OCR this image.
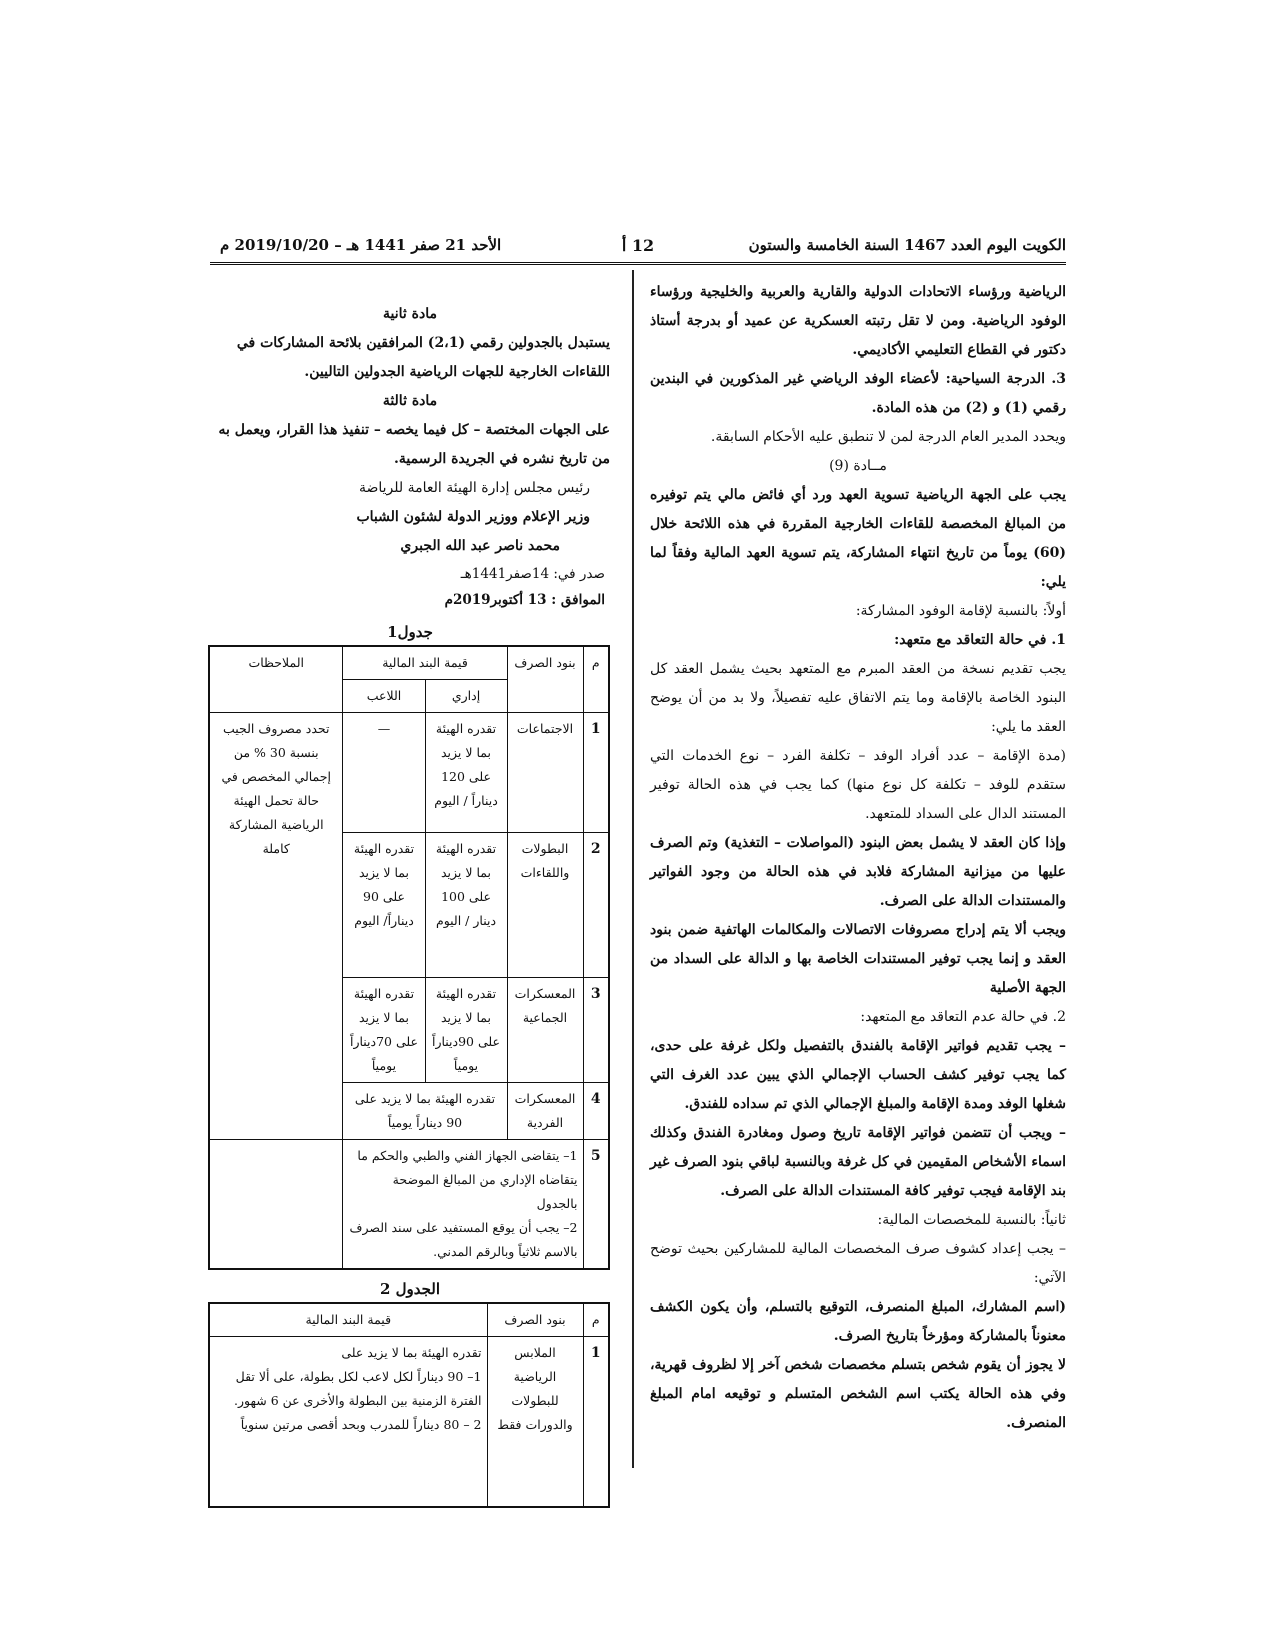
الكويت اليوم العدد 1467 السنة الخامسة والستون
12 أ
الأحد 21 صفر 1441 هـ – 2019/10/20 م

الرياضية ورؤساء الاتحادات الدولية والقارية والعربية والخليجية ورؤساء الوفود الرياضية. ومن لا تقل رتبته العسكرية عن عميد أو بدرجة أستاذ دكتور في القطاع التعليمي الأكاديمي.

3. الدرجة السياحية: لأعضاء الوفد الرياضي غير المذكورين في البندين رقمي (1) و (2) من هذه المادة.

ويحدد المدير العام الدرجة لمن لا تنطبق عليه الأحكام السابقة.

مــادة (9)

يجب على الجهة الرياضية تسوية العهد ورد أي فائض مالي يتم توفيره من المبالغ المخصصة للقاءات الخارجية المقررة في هذه اللائحة خلال (60) يوماً من تاريخ انتهاء المشاركة، يتم تسوية العهد المالية وفقاً لما يلي:

أولاً: بالنسبة لإقامة الوفود المشاركة:

1. في حالة التعاقد مع متعهد:

يجب تقديم نسخة من العقد المبرم مع المتعهد بحيث يشمل العقد كل البنود الخاصة بالإقامة وما يتم الاتفاق عليه تفصيلاً، ولا بد من أن يوضح العقد ما يلي:

(مدة الإقامة – عدد أفراد الوفد – تكلفة الفرد – نوع الخدمات التي ستقدم للوفد – تكلفة كل نوع منها) كما يجب في هذه الحالة توفير المستند الدال على السداد للمتعهد.

وإذا كان العقد لا يشمل بعض البنود (المواصلات – التغذية) وتم الصرف عليها من ميزانية المشاركة فلابد في هذه الحالة من وجود الفواتير والمستندات الدالة على الصرف.

ويجب ألا يتم إدراج مصروفات الاتصالات والمكالمات الهاتفية ضمن بنود العقد و إنما يجب توفير المستندات الخاصة بها و الدالة على السداد من الجهة الأصلية

2. في حالة عدم التعاقد مع المتعهد:

– يجب تقديم فواتير الإقامة بالفندق بالتفصيل ولكل غرفة على حدى، كما يجب توفير كشف الحساب الإجمالي الذي يبين عدد الغرف التي شغلها الوفد ومدة الإقامة والمبلغ الإجمالي الذي تم سداده للفندق.

– ويجب أن تتضمن فواتير الإقامة تاريخ وصول ومغادرة الفندق وكذلك اسماء الأشخاص المقيمين في كل غرفة وبالنسبة لباقي بنود الصرف غير بند الإقامة فيجب توفير كافة المستندات الدالة على الصرف.

ثانياً: بالنسبة للمخصصات المالية:

– يجب إعداد كشوف صرف المخصصات المالية للمشاركين بحيث توضح الآتي:

(اسم المشارك، المبلغ المنصرف، التوقيع بالتسلم، وأن يكون الكشف معنوناً بالمشاركة ومؤرخاً بتاريخ الصرف.

لا يجوز أن يقوم شخص بتسلم مخصصات شخص آخر إلا لظروف قهرية، وفي هذه الحالة يكتب اسم الشخص المتسلم و توقيعه امام المبلغ المنصرف.

مادة ثانية

يستبدل بالجدولين رقمي (2،1) المرافقين بلائحة المشاركات في اللقاءات الخارجية للجهات الرياضية الجدولين التاليين.

مادة ثالثة

على الجهات المختصة – كل فيما يخصه – تنفيذ هذا القرار، ويعمل به من تاريخ نشره في الجريدة الرسمية.

رئيس مجلس إدارة الهيئة العامة للرياضة

وزير الإعلام ووزير الدولة لشئون الشباب

محمد ناصر عبد الله الجبري

صدر في: 14صفر1441هـ

الموافق : 13 أكتوبر2019م

جدول1
م	بنود الصرف	قيمة البند المالية		الملاحظات
		إداري	اللاعب	
1	الاجتماعات	تقدره الهيئة بما لا يزيد على 120 ديناراً / اليوم	—	تحدد مصروف الجيب بنسبة 30 % من إجمالي المخصص في حالة تحمل الهيئة الرياضية المشاركة كاملة
2	البطولات واللقاءات	تقدره الهيئة بما لا يزيد على 100 دينار / اليوم	تقدره الهيئة بما لا يزيد على 90 ديناراً/ اليوم	
3	المعسكرات الجماعية	تقدره الهيئة بما لا يزيد على 90ديناراً يومياً	تقدره الهيئة بما لا يزيد على 70ديناراً يومياً	
4	المعسكرات الفردية	تقدره الهيئة بما لا يزيد على 90 ديناراً يومياً		
5	1– يتقاضى الجهاز الفني والطبي والحكم ما يتقاضاه الإداري من المبالغ الموضحة بالجدول
2– يجب أن يوقع المستفيد على سند الصرف بالاسم ثلاثياً وبالرقم المدني.			

الجدول 2
م	بنود الصرف	قيمة البند المالية
1	الملابس الرياضية للبطولات والدورات فقط	تقدره الهيئة بما لا يزيد على
1– 90 ديناراً لكل لاعب لكل بطولة، على ألا تقل الفترة الزمنية بين البطولة والأخرى عن 6 شهور.
2 – 80 ديناراً للمدرب وبحد أقصى مرتين سنوياً
